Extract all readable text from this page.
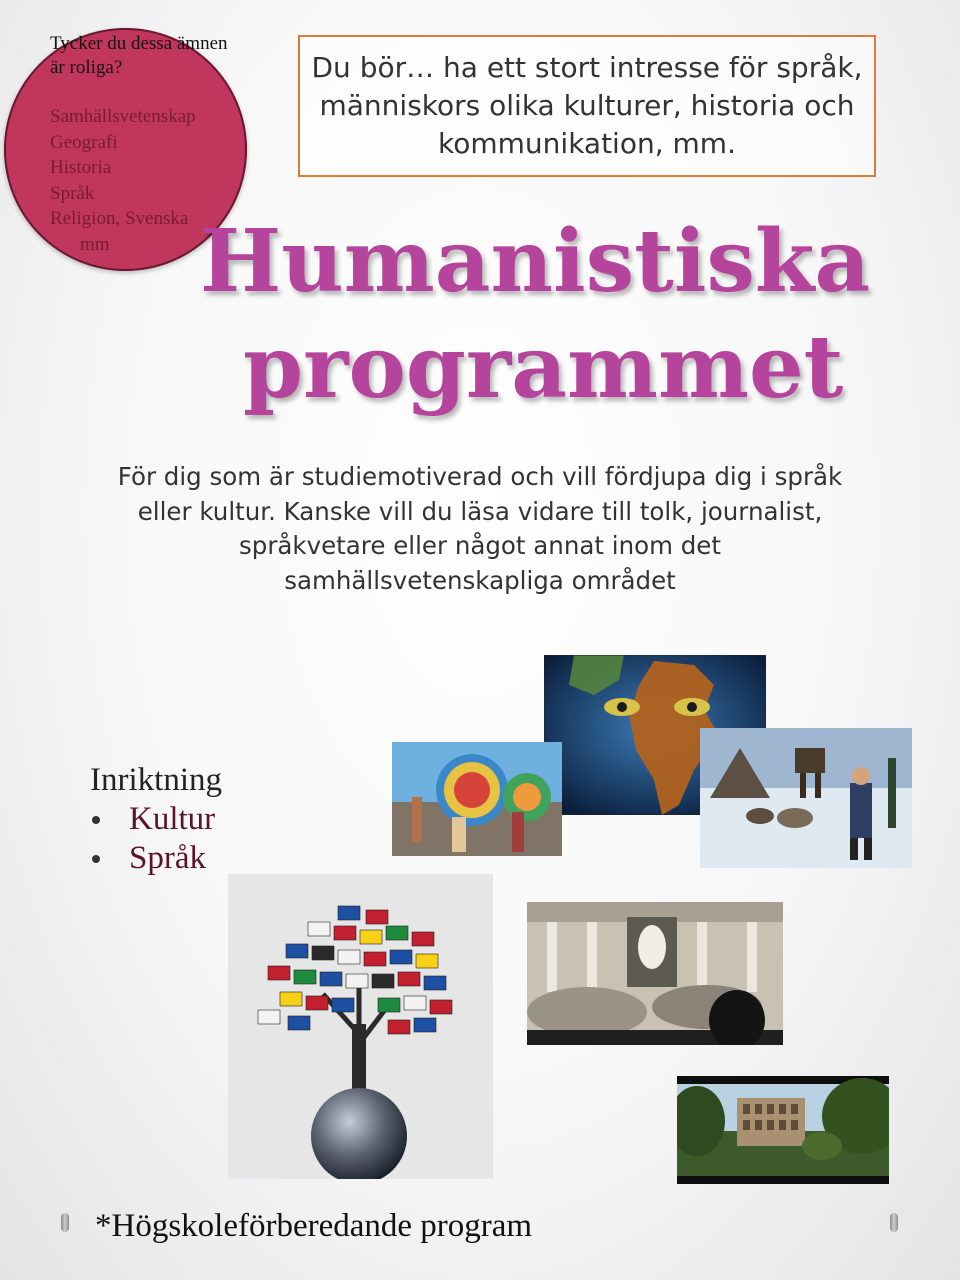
Tycker du dessa ämnen är roliga?
Samhällsvetenskap
Geografi
Historia
Språk
Religion, Svenska
mm

Du bör… ha ett stort intresse för språk, människors olika kulturer, historia och kommunikation, mm.

Humanistiska
programmet

För dig som är studiemotiverad och vill fördjupa dig i språk eller kultur. Kanske vill du läsa vidare till tolk, journalist, språkvetare eller något annat inom det samhällsvetenskapliga området

Inriktning
Kultur
Språk
*Högskoleförberedande program
